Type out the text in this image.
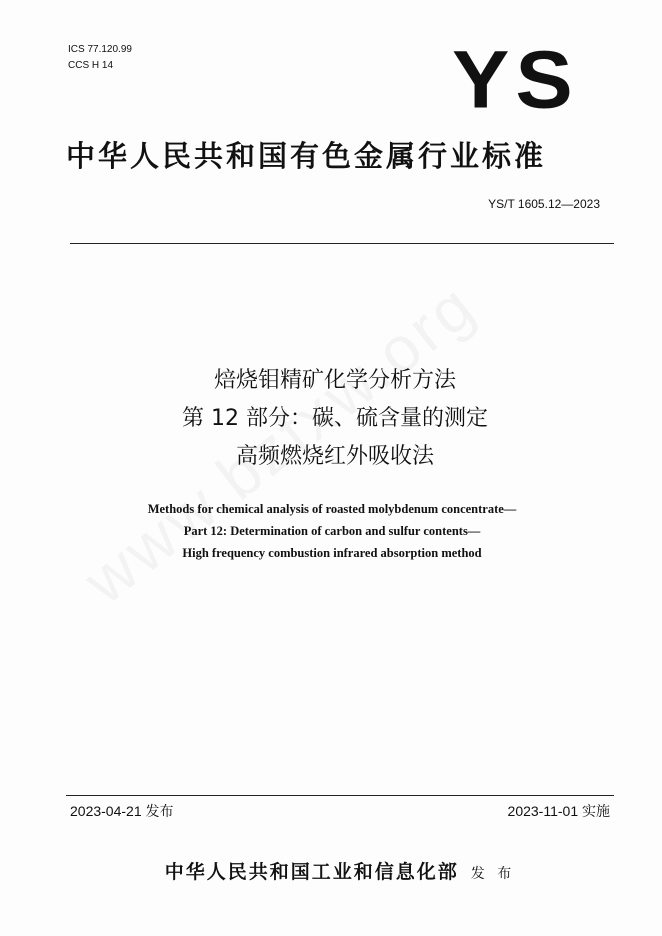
ICS 77.120.99
CCS H 14	YS
中华人民共和国有色金属行业标准
YS/T 1605.12—2023
焙烧钼精矿化学分析方法
第 12 部分：碳、硫含量的测定
高频燃烧红外吸收法
Methods for chemical analysis of roasted molybdenum concentrate—
Part 12: Determination of carbon and sulfur contents—
High frequency combustion infrared absorption method
2023-04-21 发布	2023-11-01 实施
中华人民共和国工业和信息化部 发 布
